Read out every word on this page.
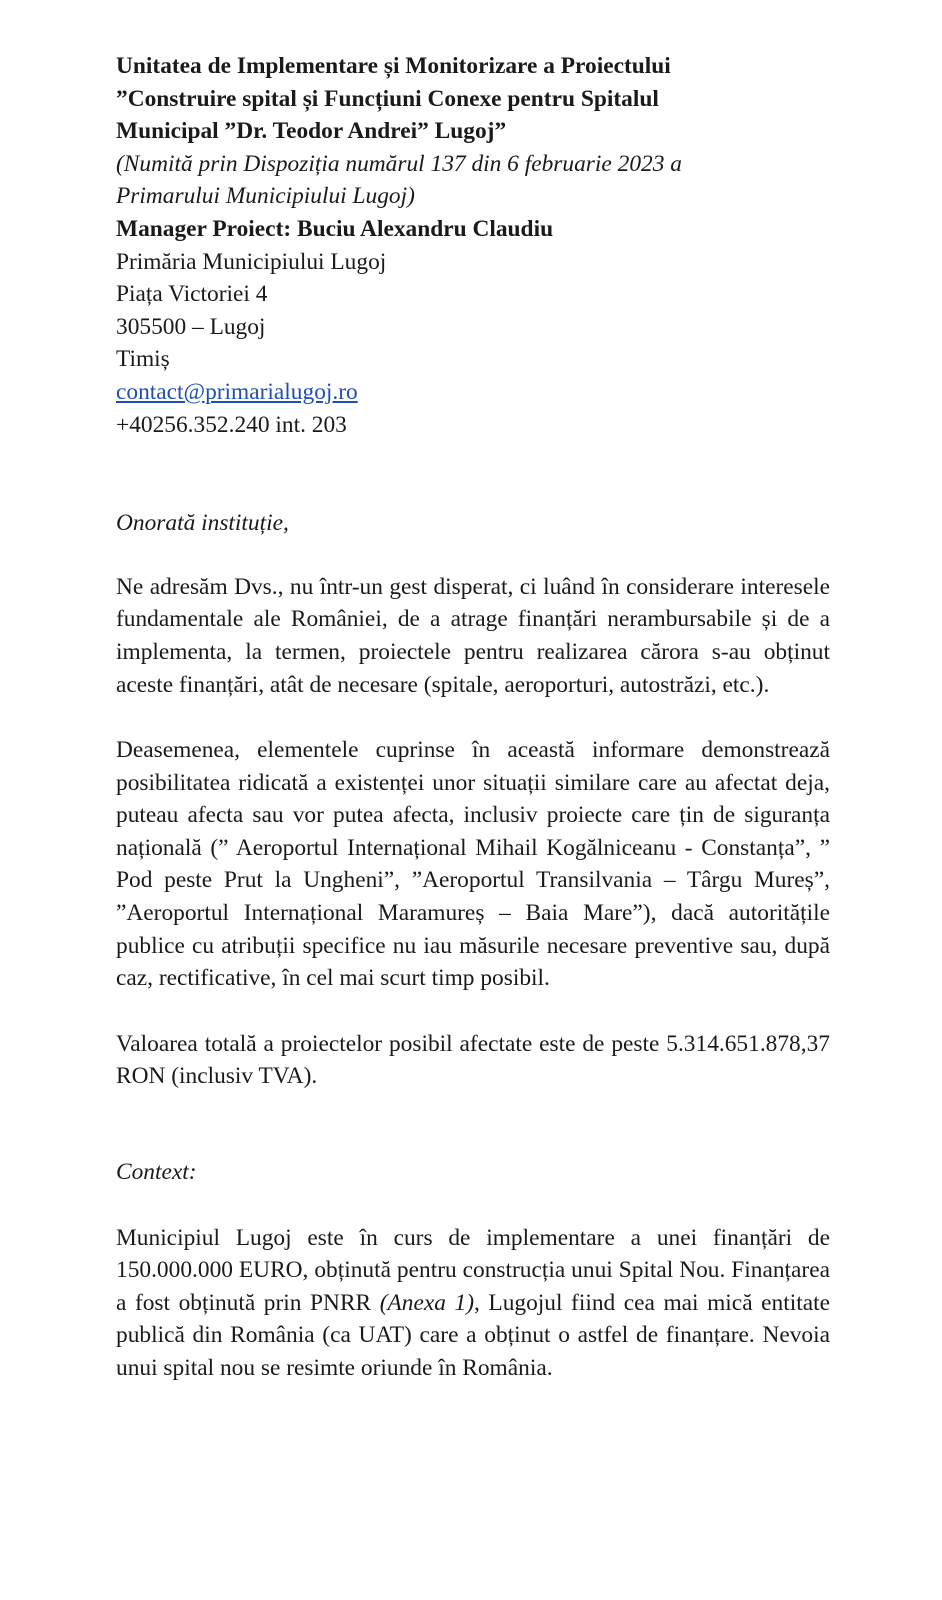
Unitatea de Implementare și Monitorizare a Proiectului
”Construire spital și Funcțiuni Conexe pentru Spitalul
Municipal ”Dr. Teodor Andrei” Lugoj”
(Numită prin Dispoziția numărul 137 din 6 februarie 2023 a
Primarului Municipiului Lugoj)
Manager Proiect: Buciu Alexandru Claudiu
Primăria Municipiului Lugoj
Piața Victoriei 4
305500 – Lugoj
Timiș
contact@primarialugoj.ro
+40256.352.240 int. 203
Onorată instituție,
Ne adresăm Dvs., nu într-un gest disperat, ci luând în considerare interesele fundamentale ale României, de a atrage finanțări nerambursabile și de a implementa, la termen, proiectele pentru realizarea cărora s-au obținut aceste finanțări, atât de necesare (spitale, aeroporturi, autostrăzi, etc.).
Deasemenea, elementele cuprinse în această informare demonstrează posibilitatea ridicată a existenței unor situații similare care au afectat deja, puteau afecta sau vor putea afecta, inclusiv proiecte care țin de siguranța națională (” Aeroportul Internațional Mihail Kogălniceanu - Constanța”, ” Pod peste Prut la Ungheni”, ”Aeroportul Transilvania – Târgu Mureș”, ”Aeroportul Internațional Maramureș – Baia Mare”), dacă autoritățile publice cu atribuții specifice nu iau măsurile necesare preventive sau, după caz, rectificative, în cel mai scurt timp posibil.
Valoarea totală a proiectelor posibil afectate este de peste 5.314.651.878,37 RON (inclusiv TVA).
Context:
Municipiul Lugoj este în curs de implementare a unei finanțări de 150.000.000 EURO, obținută pentru construcția unui Spital Nou. Finanțarea a fost obținută prin PNRR (Anexa 1), Lugojul fiind cea mai mică entitate publică din România (ca UAT) care a obținut o astfel de finanțare. Nevoia unui spital nou se resimte oriunde în România.
